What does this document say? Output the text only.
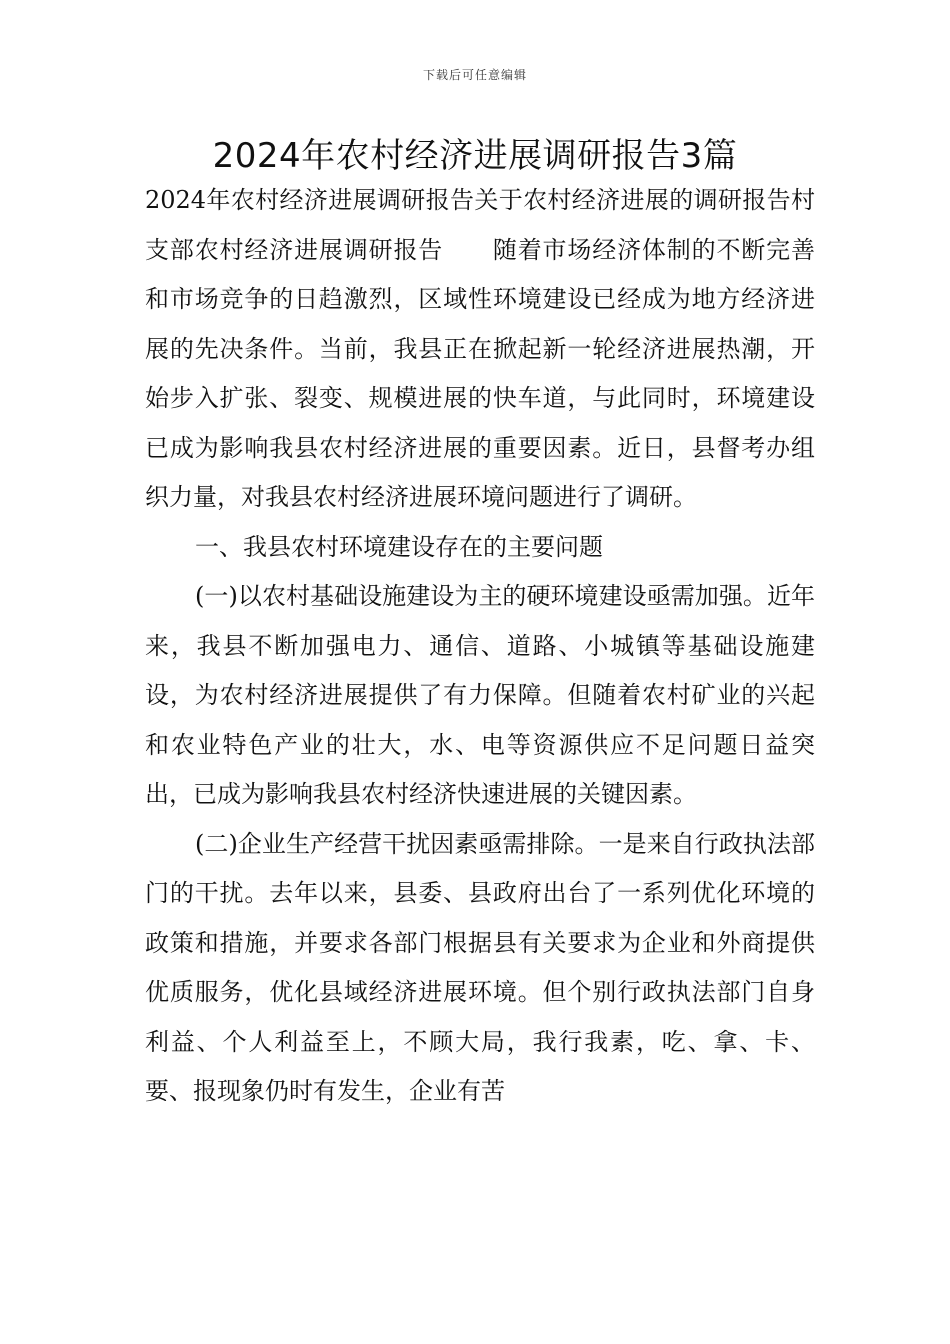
下载后可任意编辑
2024年农村经济进展调研报告3篇

2024年农村经济进展调研报告关于农村经济进展的调研报告村支部农村经济进展调研报告　　随着市场经济体制的不断完善和市场竞争的日趋激烈，区域性环境建设已经成为地方经济进展的先决条件。当前，我县正在掀起新一轮经济进展热潮，开始步入扩张、裂变、规模进展的快车道，与此同时，环境建设已成为影响我县农村经济进展的重要因素。近日，县督考办组织力量，对我县农村经济进展环境问题进行了调研。

一、我县农村环境建设存在的主要问题

(一)以农村基础设施建设为主的硬环境建设亟需加强。近年来，我县不断加强电力、通信、道路、小城镇等基础设施建设，为农村经济进展提供了有力保障。但随着农村矿业的兴起和农业特色产业的壮大，水、电等资源供应不足问题日益突出，已成为影响我县农村经济快速进展的关键因素。

(二)企业生产经营干扰因素亟需排除。一是来自行政执法部门的干扰。去年以来，县委、县政府出台了一系列优化环境的政策和措施，并要求各部门根据县有关要求为企业和外商提供优质服务，优化县域经济进展环境。但个别行政执法部门自身利益、个人利益至上，不顾大局，我行我素，吃、拿、卡、要、报现象仍时有发生，企业有苦
